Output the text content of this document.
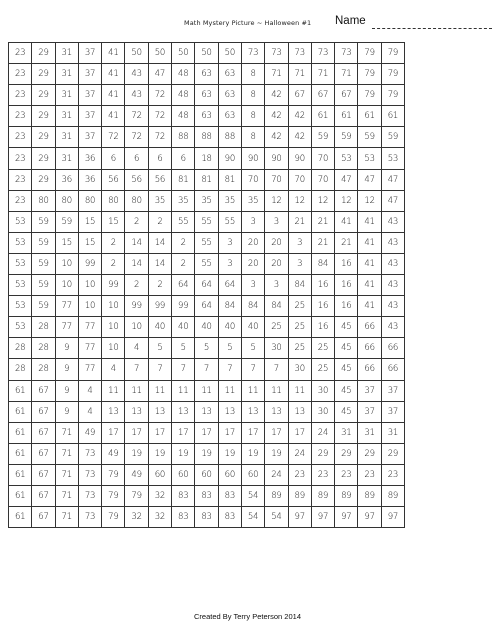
Math Mystery Picture ~ Halloween #1 Name
23	29	31	37	41	50	50	50	50	50	73	73	73	73	73	79	79
23	29	31	37	41	43	47	48	63	63	8	71	71	71	71	79	79
23	29	31	37	41	43	72	48	63	63	8	42	67	67	67	79	79
23	29	31	37	41	72	72	48	63	63	8	42	42	61	61	61	61
23	29	31	37	72	72	72	88	88	88	8	42	42	59	59	59	59
23	29	31	36	6	6	6	6	18	90	90	90	90	70	53	53	53
23	29	36	36	56	56	56	81	81	81	70	70	70	70	47	47	47
23	80	80	80	80	80	35	35	35	35	35	12	12	12	12	12	47
53	59	59	15	15	2	2	55	55	55	3	3	21	21	41	41	43
53	59	15	15	2	14	14	2	55	3	20	20	3	21	21	41	43
53	59	10	99	2	14	14	2	55	3	20	20	3	84	16	41	43
53	59	10	10	99	2	2	64	64	64	3	3	84	16	16	41	43
53	59	77	10	10	99	99	99	64	84	84	84	25	16	16	41	43
53	28	77	77	10	10	40	40	40	40	40	25	25	16	45	66	43
28	28	9	77	10	4	5	5	5	5	5	30	25	25	45	66	66
28	28	9	77	4	7	7	7	7	7	7	7	30	25	45	66	66
61	67	9	4	11	11	11	11	11	11	11	11	11	30	45	37	37
61	67	9	4	13	13	13	13	13	13	13	13	13	30	45	37	37
61	67	71	49	17	17	17	17	17	17	17	17	17	24	31	31	31
61	67	71	73	49	19	19	19	19	19	19	19	24	29	29	29	29
61	67	71	73	79	49	60	60	60	60	60	24	23	23	23	23	23
61	67	71	73	79	79	32	83	83	83	54	89	89	89	89	89	89
61	67	71	73	79	32	32	83	83	83	54	54	97	97	97	97	97
Created By Terry Peterson 2014
